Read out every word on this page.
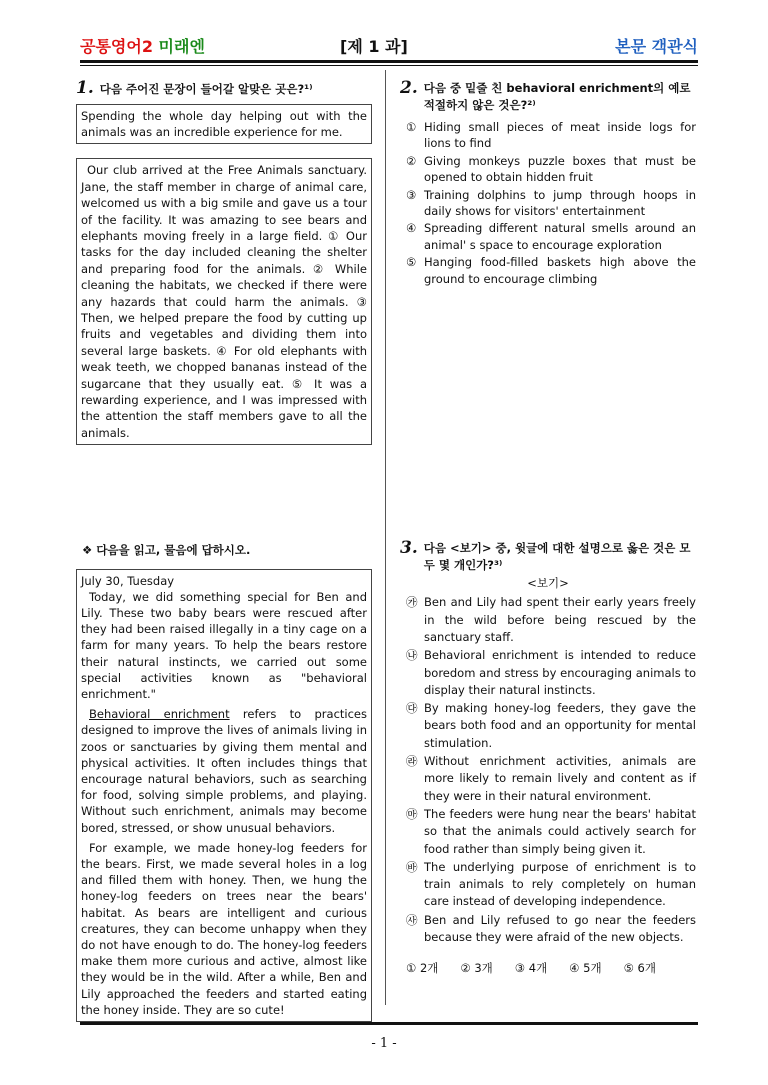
공통영어2 미래엔	[제 1 과]	본문 객관식
1. 다음 주어진 문장이 들어갈 알맞은 곳은?¹⁾
Spending the whole day helping out with the animals was an incredible experience for me.
Our club arrived at the Free Animals sanctuary. Jane, the staff member in charge of animal care, welcomed us with a big smile and gave us a tour of the facility. It was amazing to see bears and elephants moving freely in a large field. ① Our tasks for the day included cleaning the shelter and preparing food for the animals. ② While cleaning the habitats, we checked if there were any hazards that could harm the animals. ③ Then, we helped prepare the food by cutting up fruits and vegetables and dividing them into several large baskets. ④ For old elephants with weak teeth, we chopped bananas instead of the sugarcane that they usually eat. ⑤ It was a rewarding experience, and I was impressed with the attention the staff members gave to all the animals.
2. 다음 중 밑줄 친 behavioral enrichment의 예로 적절하지 않은 것은?²⁾
① Hiding small pieces of meat inside logs for lions to find
② Giving monkeys puzzle boxes that must be opened to obtain hidden fruit
③ Training dolphins to jump through hoops in daily shows for visitors' entertainment
④ Spreading different natural smells around an animal' s space to encourage exploration
⑤ Hanging food-filled baskets high above the ground to encourage climbing
❖ 다음을 읽고, 물음에 답하시오.
July 30, Tuesday

Today, we did something special for Ben and Lily. These two baby bears were rescued after they had been raised illegally in a tiny cage on a farm for many years. To help the bears restore their natural instincts, we carried out some special activities known as "behavioral enrichment."

Behavioral enrichment refers to practices designed to improve the lives of animals living in zoos or sanctuaries by giving them mental and physical activities. It often includes things that encourage natural behaviors, such as searching for food, solving simple problems, and playing. Without such enrichment, animals may become bored, stressed, or show unusual behaviors.

For example, we made honey-log feeders for the bears. First, we made several holes in a log and filled them with honey. Then, we hung the honey-log feeders on trees near the bears' habitat. As bears are intelligent and curious creatures, they can become unhappy when they do not have enough to do. The honey-log feeders make them more curious and active, almost like they would be in the wild. After a while, Ben and Lily approached the feeders and started eating the honey inside. They are so cute!

3. 다음 <보기> 중, 윗글에 대한 설명으로 옳은 것은 모두 몇 개인가?³⁾
<보기>
㉮ Ben and Lily had spent their early years freely in the wild before being rescued by the sanctuary staff.
㉯ Behavioral enrichment is intended to reduce boredom and stress by encouraging animals to display their natural instincts.
㉰ By making honey-log feeders, they gave the bears both food and an opportunity for mental stimulation.
㉱ Without enrichment activities, animals are more likely to remain lively and content as if they were in their natural environment.
㉲ The feeders were hung near the bears' habitat so that the animals could actively search for food rather than simply being given it.
㉳ The underlying purpose of enrichment is to train animals to rely completely on human care instead of developing independence.
㉴ Ben and Lily refused to go near the feeders because they were afraid of the new objects.
① 2개 ② 3개 ③ 4개 ④ 5개 ⑤ 6개
- 1 -
